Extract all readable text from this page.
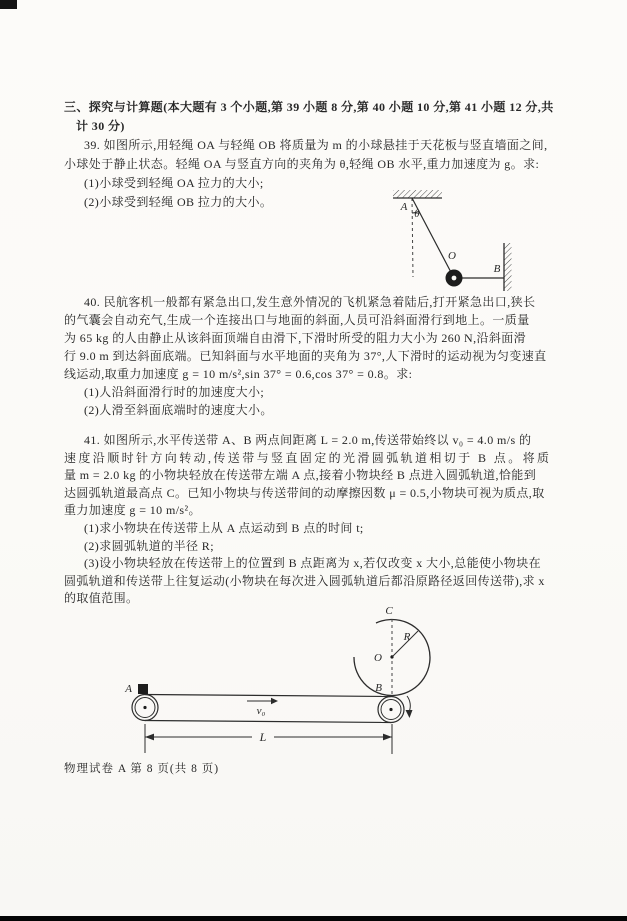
三、探究与计算题(本大题有 3 个小题,第 39 小题 8 分,第 40 小题 10 分,第 41 小题 12 分,共
计 30 分)
39. 如图所示,用轻绳 OA 与轻绳 OB 将质量为 m 的小球悬挂于天花板与竖直墙面之间,
小球处于静止状态。轻绳 OA 与竖直方向的夹角为 θ,轻绳 OB 水平,重力加速度为 g。求:
(1)小球受到轻绳 OA 拉力的大小;
(2)小球受到轻绳 OB 拉力的大小。	A
θ
O
B
40. 民航客机一般都有紧急出口,发生意外情况的飞机紧急着陆后,打开紧急出口,狭长
的气囊会自动充气,生成一个连接出口与地面的斜面,人员可沿斜面滑行到地上。一质量
为 65 kg 的人由静止从该斜面顶端自由滑下,下滑时所受的阻力大小为 260 N,沿斜面滑
行 9.0 m 到达斜面底端。已知斜面与水平地面的夹角为 37°,人下滑时的运动视为匀变速直
线运动,取重力加速度 g = 10 m/s²,sin 37° = 0.6,cos 37° = 0.8。求:
(1)人沿斜面滑行时的加速度大小;
(2)人滑至斜面底端时的速度大小。
41. 如图所示,水平传送带 A、B 两点间距离 L = 2.0 m,传送带始终以 v₀ = 4.0 m/s 的
速度沿顺时针方向转动,传送带与竖直固定的光滑圆弧轨道相切于 B 点。将质
量 m = 2.0 kg 的小物块轻放在传送带左端 A 点,接着小物块经 B 点进入圆弧轨道,恰能到
达圆弧轨道最高点 C。已知小物块与传送带间的动摩擦因数 μ = 0.5,小物块可视为质点,取
重力加速度 g = 10 m/s²。
(1)求小物块在传送带上从 A 点运动到 B 点的时间 t;
(2)求圆弧轨道的半径 R;
(3)设小物块轻放在传送带上的位置到 B 点距离为 x,若仅改变 x 大小,总能使小物块在
圆弧轨道和传送带上往复运动(小物块在每次进入圆弧轨道后都沿原路径返回传送带),求 x
的取值范围。
C
O
R
B
A
v₀
L
物理试卷 A 第 8 页(共 8 页)
